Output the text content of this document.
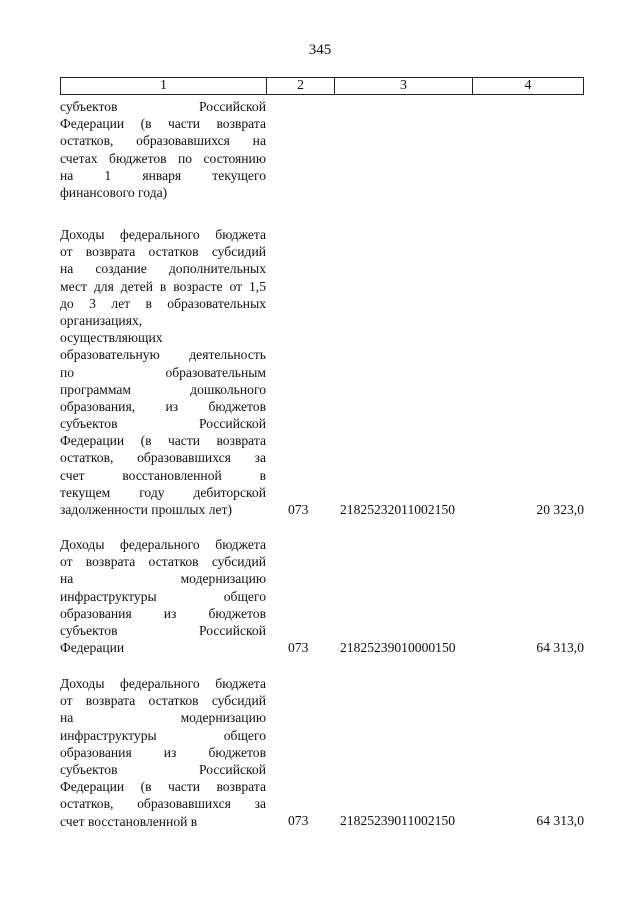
345
1	2	3	4
субъектов Российской
Федерации (в части возврата
остатков, образовавшихся на
счетах бюджетов по состоянию
на 1 января текущего
финансового года)
Доходы федерального бюджета
от возврата остатков субсидий
на создание дополнительных
мест для детей в возрасте от 1,5
до 3 лет в образовательных
организациях,
осуществляющих
образовательную деятельность
по образовательным
программам дошкольного
образования, из бюджетов
субъектов Российской
Федерации (в части возврата
остатков, образовавшихся за
счет восстановленной в
текущем году дебиторской
задолженности прошлых лет)	073 21825232011002150	20 323,0
Доходы федерального бюджета
от возврата остатков субсидий
на модернизацию
инфраструктуры общего
образования из бюджетов
субъектов Российской
Федерации	073 21825239010000150	64 313,0
Доходы федерального бюджета
от возврата остатков субсидий
на модернизацию
инфраструктуры общего
образования из бюджетов
субъектов Российской
Федерации (в части возврата
остатков, образовавшихся за
счет восстановленной в	073 21825239011002150	64 313,0
